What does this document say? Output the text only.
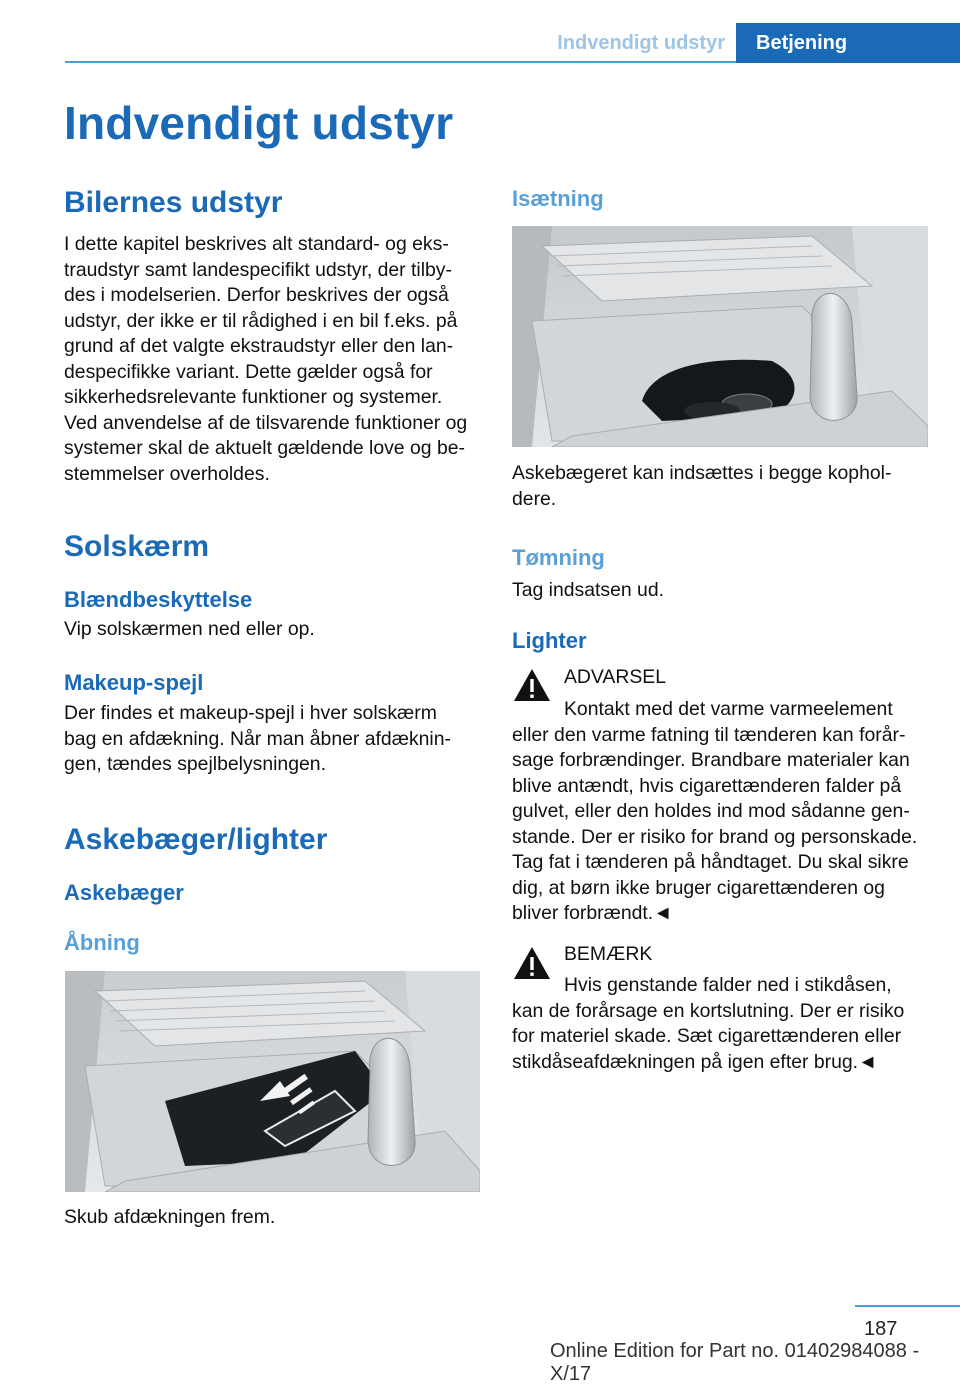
Indvendigt udstyr	Betjening
Indvendigt udstyr
Bilernes udstyr
I dette kapitel beskrives alt standard- og eks-
traudstyr samt landespecifikt udstyr, der tilby-
des i modelserien. Derfor beskrives der også
udstyr, der ikke er til rådighed i en bil f.eks. på
grund af det valgte ekstraudstyr eller den lan-
despecifikke variant. Dette gælder også for
sikkerhedsrelevante funktioner og systemer.
Ved anvendelse af de tilsvarende funktioner og
systemer skal de aktuelt gældende love og be-
stemmelser overholdes.
Solskærm
Blændbeskyttelse
Vip solskærmen ned eller op.
Makeup-spejl
Der findes et makeup-spejl i hver solskærm
bag en afdækning. Når man åbner afdæknin-
gen, tændes spejlbelysningen.
Askebæger/lighter
Askebæger
Åbning
Skub afdækningen frem.
Isætning
Askebægeret kan indsættes i begge kophol-
dere.
Tømning
Tag indsatsen ud.
Lighter
ADVARSEL
Kontakt med det varme varmeelement
eller den varme fatning til tænderen kan forår-
sage forbrændinger. Brandbare materialer kan
blive antændt, hvis cigarettænderen falder på
gulvet, eller den holdes ind mod sådanne gen-
stande. Der er risiko for brand og personskade.
Tag fat i tænderen på håndtaget. Du skal sikre
dig, at børn ikke bruger cigarettænderen og
bliver forbrændt.◄
BEMÆRK
Hvis genstande falder ned i stikdåsen,
kan de forårsage en kortslutning. Der er risiko
for materiel skade. Sæt cigarettænderen eller
stikdåseafdækningen på igen efter brug.◄
187
Online Edition for Part no. 01402984088 - X/17
